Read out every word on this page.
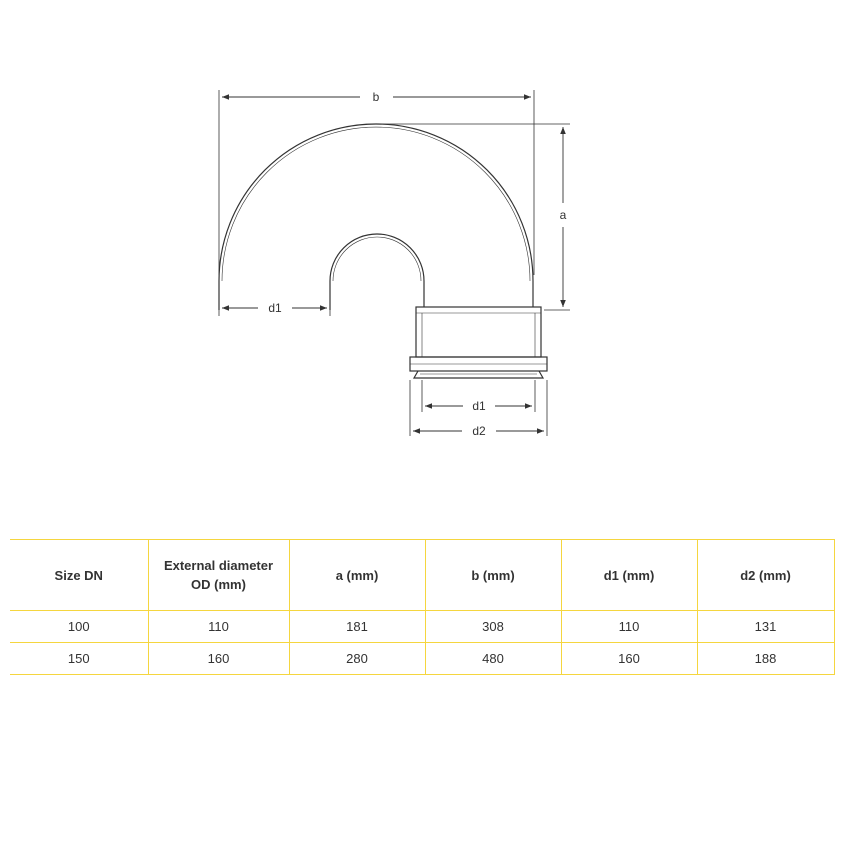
b
a
d1
d1
d2
Size DN	External diameter OD (mm)	a (mm)	b (mm)	d1 (mm)	d2 (mm)
100	110	181	308	110	131
150	160	280	480	160	188
